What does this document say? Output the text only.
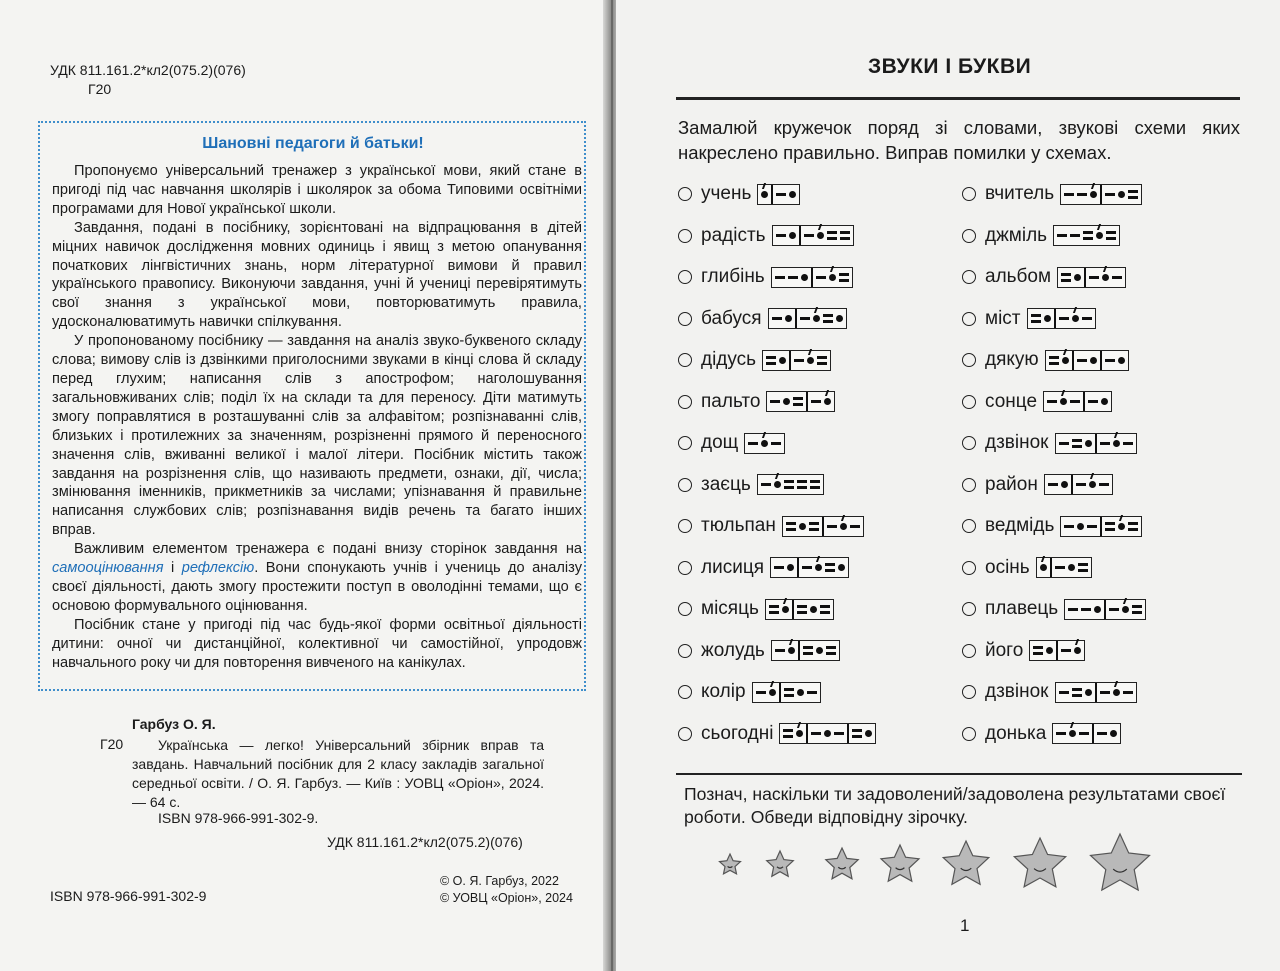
УДК 811.161.2*кл2(075.2)(076)
Г20
Шановні педагоги й батьки!

Пропонуємо універсальний тренажер з української мови, який стане в пригоді під час навчання школярів і школярок за обома Типовими освітніми програмами для Нової української школи.

Завдання, подані в посібнику, зорієнтовані на відпрацювання в дітей міцних навичок дослідження мовних одиниць і явищ з метою опанування початкових лінгвістичних знань, норм літературної вимови й правил українського правопису. Виконуючи завдання, учні й учениці перевірятимуть свої знання з української мови, повторюватимуть правила, удосконалюватимуть навички спілкування.

У пропонованому посібнику — завдання на аналіз звуко-буквеного складу слова; вимову слів із дзвінкими приголосними звуками в кінці слова й складу перед глухим; написання слів з апострофом; наголошування загальновживаних слів; поділ їх на склади та для переносу. Діти матимуть змогу поправлятися в розташуванні слів за алфавітом; розпізнаванні слів, близьких і протилежних за значенням, розрізненні прямого й переносного значення слів, вживанні великої і малої літери. Посібник містить також завдання на розрізнення слів, що називають предмети, ознаки, дії, числа; змінювання іменників, прикметників за числами; упізнавання й правильне написання службових слів; розпізнавання видів речень та багато інших вправ.

Важливим елементом тренажера є подані внизу сторінок завдання на самооцінювання і рефлексію. Вони спонукають учнів і учениць до аналізу своєї діяльності, дають змогу простежити поступ в оволодінні темами, що є основою формувального оцінювання.

Посібник стане у пригоді під час будь-якої форми освітньої діяльності дитини: очної чи дистанційної, колективної чи самостійної, упродовж навчального року чи для повторення вивченого на канікулах.

Гарбуз О. Я.
Г20	Українська — легко! Універсальний збірник вправ та завдань. Навчальний посібник для 2 класу закладів загальної середньої освіти. / О. Я. Гарбуз. — Київ : УОВЦ «Оріон», 2024. — 64 с.
ISBN 978-966-991-302-9.
УДК 811.161.2*кл2(075.2)(076)
ISBN 978-966-991-302-9
© О. Я. Гарбуз, 2022
© УОВЦ «Оріон», 2024
ЗВУКИ І БУКВИ
Замалюй кружечок поряд зі словами, звукові схеми яких накреслено правильно. Виправ помилки у схемах.
учень
радість
глибінь
бабуся
дідусь
пальто
дощ
заєць
тюльпан
лисиця
місяць
жолудь
колір
сьогодні
вчитель
джміль
альбом
міст
дякую
сонце
дзвінок
район
ведмідь
осінь
плавець
його
дзвінок
донька
Познач, наскільки ти задоволений/задоволена результатами своєї роботи. Обведи відповідну зірочку.
1
